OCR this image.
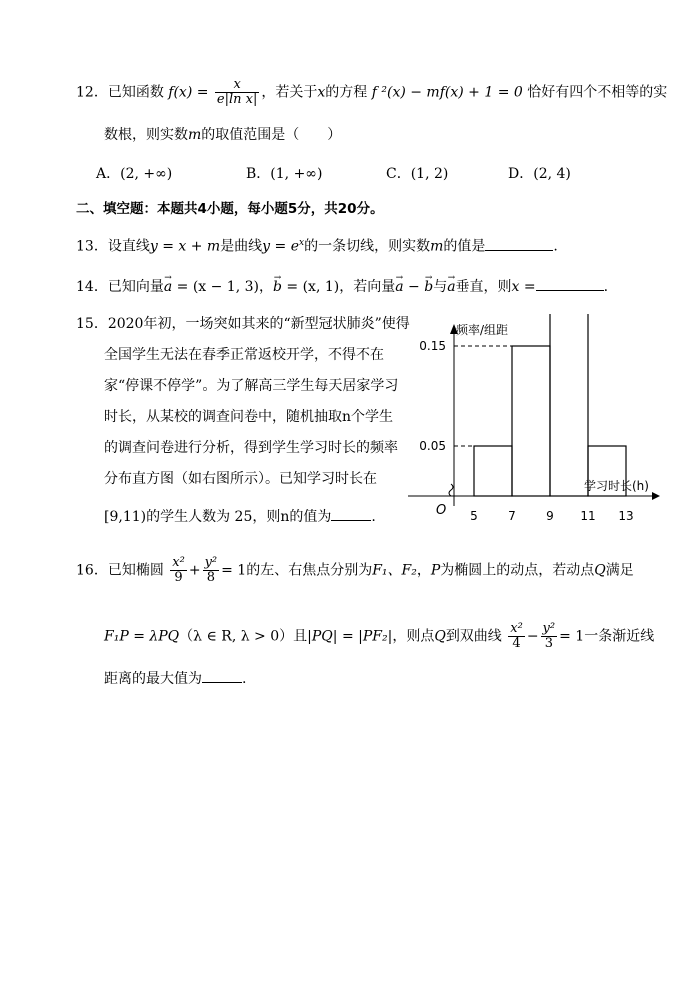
12．已知函数 $f(x) = \frac{x}{\text{e|ln x|}}$ ，若关于x的方程 f ²(x) − mf(x) + 1 = 0 恰好有四个不相等的实
数根，则实数m的取值范围是（　　）
A．(2, +∞)	B．(1, +∞)	C．(1, 2)	D．(2, 4)
二、填空题：本题共4小题，每小题5分，共20分。
13．设直线y = x + m是曲线$y = e^x$的一条切线，则实数m的值是	.
14．已知向量→ a = (x − 1, 3)，→ b = (x, 1)，若向量→ a − → b与→ a垂直，则x =	.
15．2020年初，一场突如其来的“新型冠状肺炎”使得
全国学生无法在春季正常返校开学，不得不在
家“停课不停学”。为了解高三学生每天居家学习
时长，从某校的调查问卷中，随机抽取n个学生
的调查问卷进行分析，得到学生学习时长的频率
分布直方图（如右图所示）。已知学习时长在
[9,11)的学生人数为 25，则n的值为	.
0.05
0.15
5	7	9 11 13
O
频率/组距
学习时长(h)
16．已知椭圆 $\frac{\text{x²}}{9} + \frac{\text{y²}}{8} = 1$的左、右焦点分别为F₁、F₂，P为椭圆上的动点，若动点Q满足
F₁P = λPQ（λ ∈ R, λ > 0）且|PQ| = |PF₂|，则点Q到双曲线 $\frac{\text{x²}}{4} - \frac{\text{y²}}{3} = 1$一条渐近线
距离的最大值为	.
